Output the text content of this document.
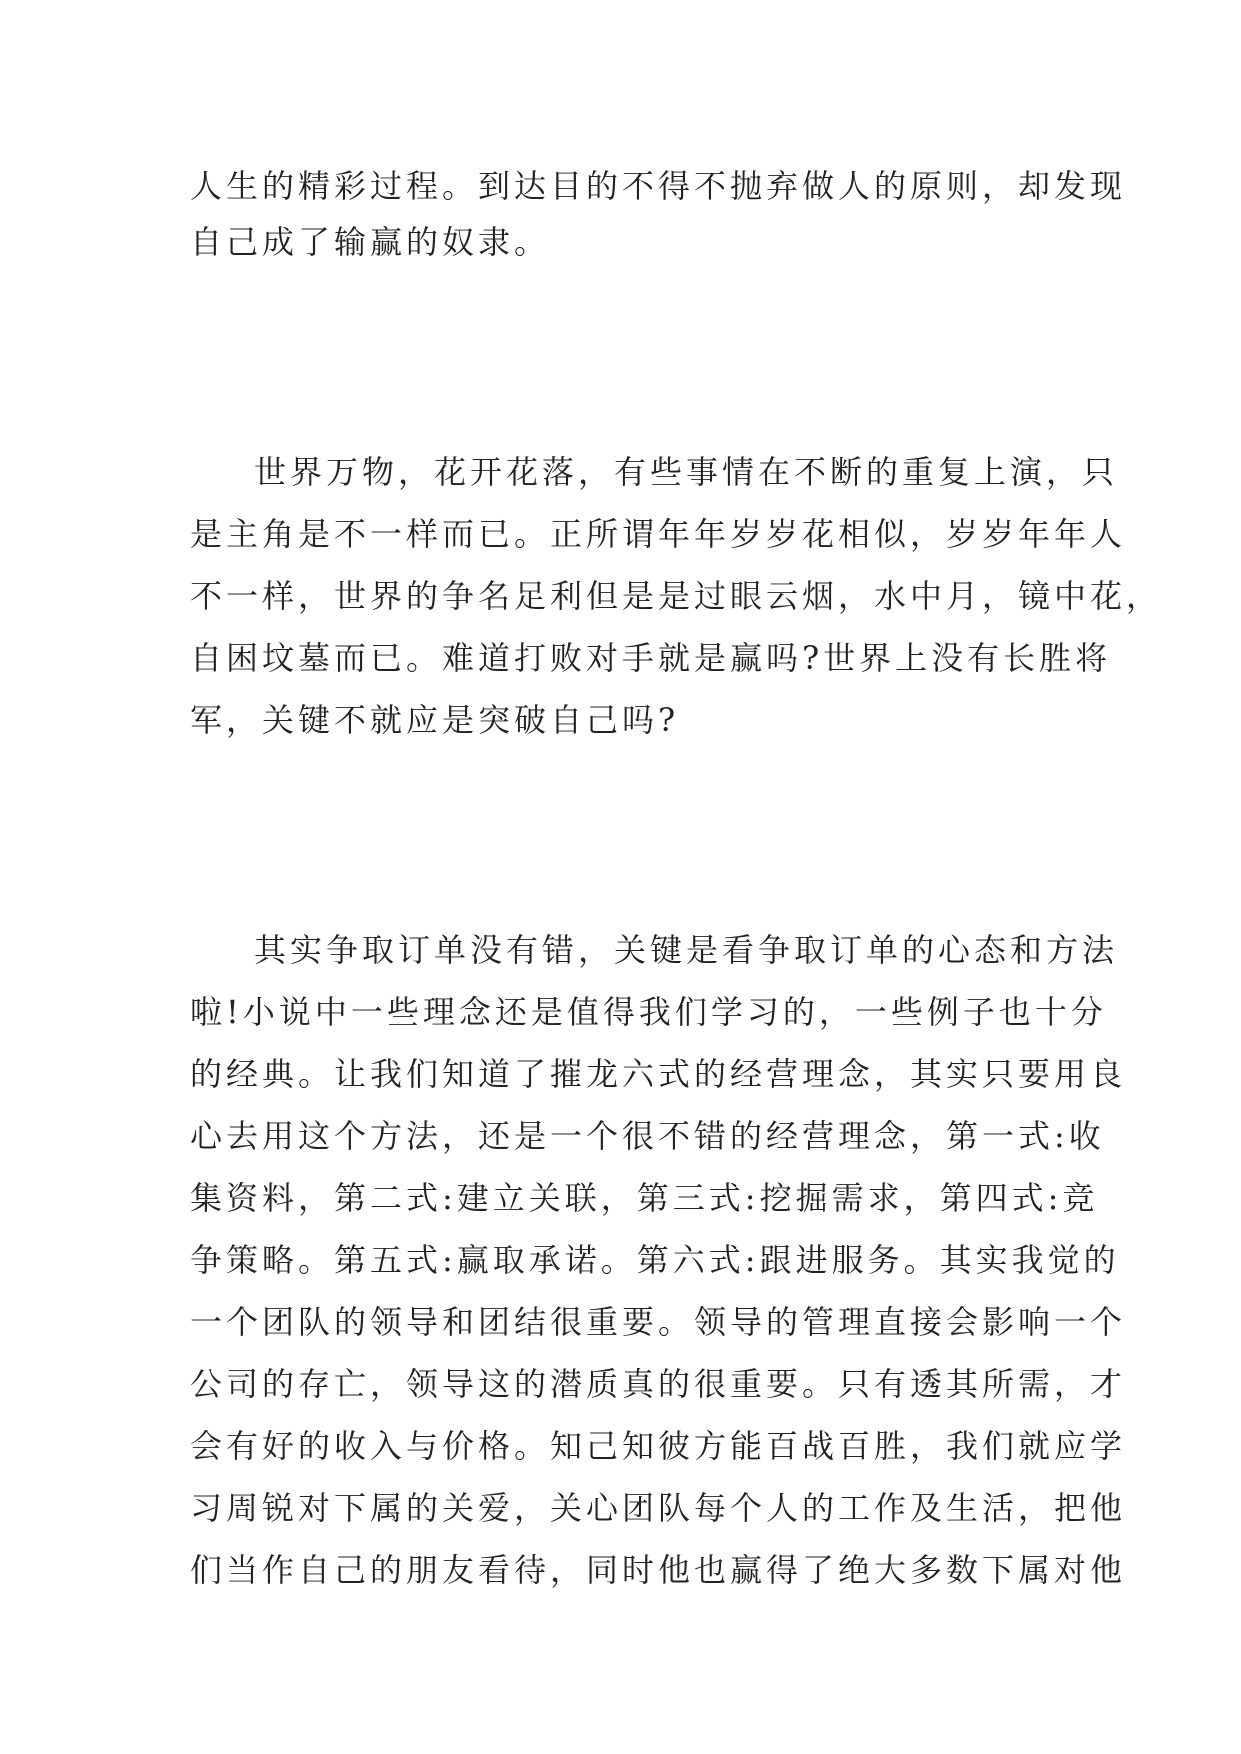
人生的精彩过程。到达目的不得不抛弃做人的原则，却发现

自己成了输赢的奴隶。

世界万物，花开花落，有些事情在不断的重复上演，只

是主角是不一样而已。正所谓年年岁岁花相似，岁岁年年人

不一样，世界的争名足利但是是过眼云烟，水中月，镜中花，

自困坟墓而已。难道打败对手就是赢吗?世界上没有长胜将

军，关键不就应是突破自己吗?

其实争取订单没有错，关键是看争取订单的心态和方法

啦!小说中一些理念还是值得我们学习的，一些例子也十分

的经典。让我们知道了摧龙六式的经营理念，其实只要用良

心去用这个方法，还是一个很不错的经营理念，第一式:收

集资料，第二式:建立关联，第三式:挖掘需求，第四式:竞

争策略。第五式:赢取承诺。第六式:跟进服务。其实我觉的

一个团队的领导和团结很重要。领导的管理直接会影响一个

公司的存亡，领导这的潜质真的很重要。只有透其所需，才

会有好的收入与价格。知己知彼方能百战百胜，我们就应学

习周锐对下属的关爱，关心团队每个人的工作及生活，把他

们当作自己的朋友看待，同时他也赢得了绝大多数下属对他
